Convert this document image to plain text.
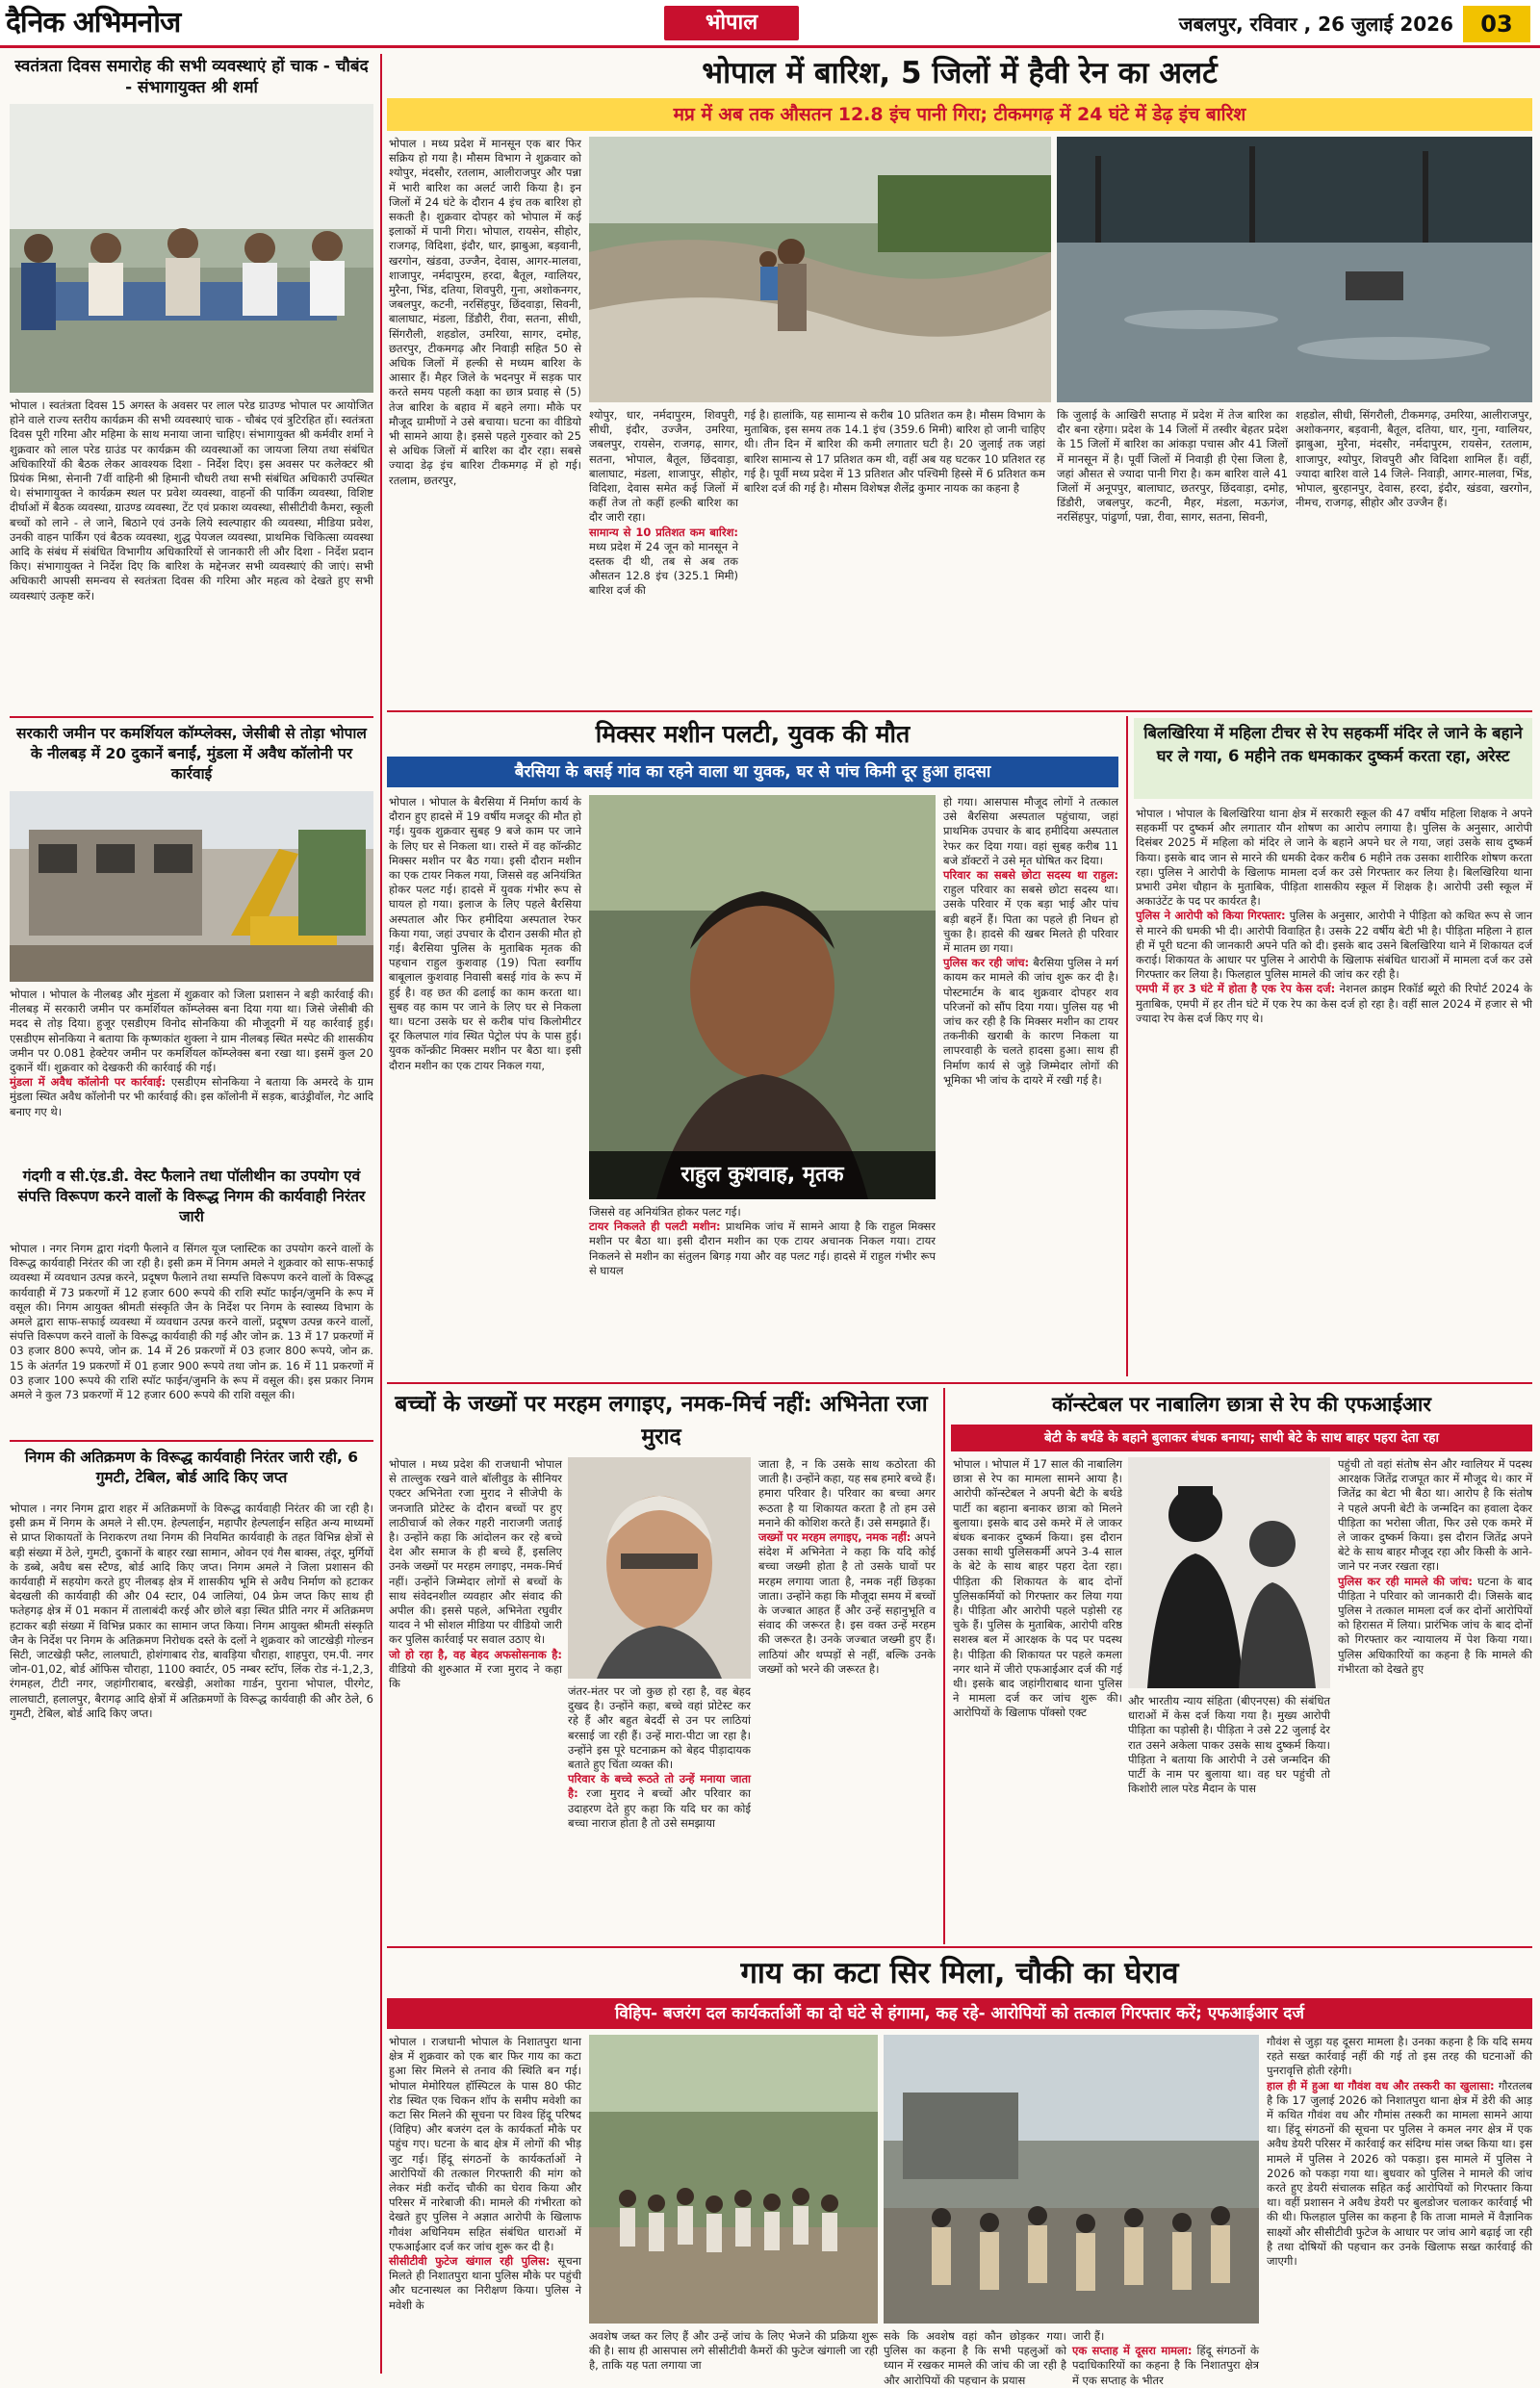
दैनिक अभिमनोज	भोपाल	जबलपुर, रविवार , 26 जुलाई 2026	03
स्वतंत्रता दिवस समारोह की सभी व्यवस्थाएं हों चाक - चौबंद - संभागायुक्त श्री शर्मा
भोपाल । स्वतंत्रता दिवस 15 अगस्त के अवसर पर लाल परेड ग्राउण्ड भोपाल पर आयोजित होने वाले राज्य स्तरीय कार्यक्रम की सभी व्यवस्थाएं चाक - चौबंद एवं त्रुटिरहित हों। स्वतंत्रता दिवस पूरी गरिमा और महिमा के साथ मनाया जाना चाहिए। संभागायुक्त श्री कर्मवीर शर्मा ने शुक्रवार को लाल परेड ग्राउंड पर कार्यक्रम की व्यवस्थाओं का जायजा लिया तथा संबंधित अधिकारियों की बैठक लेकर आवश्यक दिशा - निर्देश दिए। इस अवसर पर कलेक्टर श्री प्रियंक मिश्रा, सेनानी 7वीं वाहिनी श्री हिमानी चौधरी तथा सभी संबंधित अधिकारी उपस्थित थे। संभागायुक्त ने कार्यक्रम स्थल पर प्रवेश व्यवस्था, वाहनों की पार्किंग व्यवस्था, विशिष्ट दीर्घाओं में बैठक व्यवस्था, ग्राउण्ड व्यवस्था, टेंट एवं प्रकाश व्यवस्था, सीसीटीवी कैमरा, स्कूली बच्चों को लाने - ले जाने, बिठाने एवं उनके लिये स्वल्पाहार की व्यवस्था, मीडिया प्रवेश, उनकी वाहन पार्किंग एवं बैठक व्यवस्था, शुद्ध पेयजल व्यवस्था, प्राथमिक चिकित्सा व्यवस्था आदि के संबंध में संबंधित विभागीय अधिकारियों से जानकारी ली और दिशा - निर्देश प्रदान किए। संभागायुक्त ने निर्देश दिए कि बारिश के मद्देनजर सभी व्यवस्थाएं की जाएं। सभी अधिकारी आपसी समन्वय से स्वतंत्रता दिवस की गरिमा और महत्व को देखते हुए सभी व्यवस्थाएं उत्कृष्ट करें।
सरकारी जमीन पर कमर्शियल कॉम्प्लेक्स, जेसीबी से तोड़ा भोपाल के नीलबड़ में 20 दुकानें बनाईं, मुंडला में अवैध कॉलोनी पर कार्रवाई
भोपाल । भोपाल के नीलबड़ और मुंडला में शुक्रवार को जिला प्रशासन ने बड़ी कार्रवाई की। नीलबड़ में सरकारी जमीन पर कमर्शियल कॉम्प्लेक्स बना दिया गया था। जिसे जेसीबी की मदद से तोड़ दिया। हुजूर एसडीएम विनोद सोनकिया की मौजूदगी में यह कार्रवाई हुई। एसडीएम सोनकिया ने बताया कि कृष्णकांत शुक्ला ने ग्राम नीलबड़ स्थित मस्पेट की शासकीय जमीन पर 0.081 हेक्टेयर जमीन पर कमर्शियल कॉम्प्लेक्स बना रखा था। इसमें कुल 20 दुकानें थीं। शुक्रवार को देखकरी की कार्रवाई की गई।
मुंडला में अवैध कॉलोनी पर कार्रवाई: एसडीएम सोनकिया ने बताया कि अमरदे के ग्राम मुंडला स्थित अवैध कॉलोनी पर भी कार्रवाई की। इस कॉलोनी में सड़क, बाउंड्रीवॉल, गेट आदि बनाए गए थे।
गंदगी व सी.एंड.डी. वेस्ट फैलाने तथा पॉलीथीन का उपयोग एवं संपत्ति विरूपण करने वालों के विरूद्ध निगम की कार्यवाही निरंतर जारी
भोपाल । नगर निगम द्वारा गंदगी फैलाने व सिंगल यूज प्लास्टिक का उपयोग करने वालों के विरूद्ध कार्यवाही निरंतर की जा रही है। इसी क्रम में निगम अमले ने शुक्रवार को साफ-सफाई व्यवस्था में व्यवधान उत्पन्न करने, प्रदूषण फैलाने तथा सम्पत्ति विरूपण करने वालों के विरूद्ध कार्यवाही में 73 प्रकरणों में 12 हजार 600 रूपये की राशि स्पॉट फाईन/जुमनि के रूप में वसूल की। निगम आयुक्त श्रीमती संस्कृति जैन के निर्देश पर निगम के स्वास्थ्य विभाग के अमले द्वारा साफ-सफाई व्यवस्था में व्यवधान उत्पन्न करने वालों, प्रदूषण उत्पन्न करने वालों, संपत्ति विरूपण करने वालों के विरूद्ध कार्यवाही की गई और जोन क्र. 13 में 17 प्रकरणों में 03 हजार 800 रूपये, जोन क्र. 14 में 26 प्रकरणों में 03 हजार 800 रूपये, जोन क्र. 15 के अंतर्गत 19 प्रकरणों में 01 हजार 900 रूपये तथा जोन क्र. 16 में 11 प्रकरणों में 03 हजार 100 रूपये की राशि स्पॉट फाईन/जुमनि के रूप में वसूल की। इस प्रकार निगम अमले ने कुल 73 प्रकरणों में 12 हजार 600 रूपये की राशि वसूल की।
निगम की अतिक्रमण के विरूद्ध कार्यवाही निरंतर जारी रही, 6 गुमटी, टेबिल, बोर्ड आदि किए जप्त
भोपाल । नगर निगम द्वारा शहर में अतिक्रमणों के विरूद्ध कार्यवाही निरंतर की जा रही है। इसी क्रम में निगम के अमले ने सी.एम. हेल्पलाईन, महापौर हेल्पलाईन सहित अन्य माध्यमों से प्राप्त शिकायतों के निराकरण तथा निगम की नियमित कार्यवाही के तहत विभिन्न क्षेत्रों से बड़ी संख्या में ठेले, गुमटी, दुकानों के बाहर रखा सामान, ओवन एवं गैस बाक्स, तंदूर, मुर्गियों के डब्बे, अवैध बस स्टैण्ड, बोर्ड आदि किए जप्त। निगम अमले ने जिला प्रशासन की कार्यवाही में सहयोग करते हुए नीलबड़ क्षेत्र में शासकीय भूमि से अवैध निर्माण को हटाकर बेदखली की कार्यवाही की और 04 स्टार, 04 जालियां, 04 फ्रेम जप्त किए साथ ही फतेहगढ़ क्षेत्र में 01 मकान में तालाबंदी करई और छोले बड़ा स्थित प्रीति नगर में अतिक्रमण हटाकर बड़ी संख्या में विभिन्न प्रकार का सामान जप्त किया। निगम आयुक्त श्रीमती संस्कृति जैन के निर्देश पर निगम के अतिक्रमण निरोधक दस्ते के दलों ने शुक्रवार को जाटखेड़ी गोल्डन सिटी, जाटखेड़ी फ्लैट, लालघाटी, होशंगाबाद रोड, बावड़िया चौराहा, शाहपुरा, एम.पी. नगर जोन-01,02, बोर्ड ऑफिस चौराहा, 1100 क्वार्टर, 05 नम्बर स्टॉप, लिंक रोड नं-1,2,3, रंगमहल, टीटी नगर, जहांगीराबाद, बरखेड़ी, अशोका गार्डन, पुराना भोपाल, पीरगेट, लालघाटी, हलालपुर, बैरागढ़ आदि क्षेत्रों में अतिक्रमणों के विरूद्ध कार्यवाही की और ठेले, 6 गुमटी, टेबिल, बोर्ड आदि किए जप्त।
भोपाल में बारिश, 5 जिलों में हैवी रेन का अलर्ट
मप्र में अब तक औसतन 12.8 इंच पानी गिरा; टीकमगढ़ में 24 घंटे में डेढ़ इंच बारिश
भोपाल । मध्य प्रदेश में मानसून एक बार फिर सक्रिय हो गया है। मौसम विभाग ने शुक्रवार को श्योपुर, मंदसौर, रतलाम, आलीराजपुर और पन्ना में भारी बारिश का अलर्ट जारी किया है। इन जिलों में 24 घंटे के दौरान 4 इंच तक बारिश हो सकती है। शुक्रवार दोपहर को भोपाल में कई इलाकों में पानी गिरा। भोपाल, रायसेन, सीहोर, राजगढ़, विदिशा, इंदौर, धार, झाबुआ, बड़वानी, खरगोन, खंडवा, उज्जैन, देवास, आगर-मालवा, शाजापुर, नर्मदापुरम, हरदा, बैतूल, ग्वालियर, मुरैना, भिंड, दतिया, शिवपुरी, गुना, अशोकनगर, जबलपुर, कटनी, नरसिंहपुर, छिंदवाड़ा, सिवनी, बालाघाट, मंडला, डिंडौरी, रीवा, सतना, सीधी, सिंगरौली, शहडोल, उमरिया, सागर, दमोह, छतरपुर, टीकमगढ़ और निवाड़ी सहित 50 से अधिक जिलों में हल्की से मध्यम बारिश के आसार हैं। मैहर जिले के भदनपुर में सड़क पार करते समय पहली कक्षा का छात्र प्रवाह से (5) तेज बारिश के बहाव में बहने लगा। मौके पर मौजूद ग्रामीणों ने उसे बचाया। घटना का वीडियो भी सामने आया है। इससे पहले गुरुवार को 25 से अधिक जिलों में बारिश का दौर रहा। सबसे ज्यादा डेढ़ इंच बारिश टीकमगढ़ में हो गई। रतलाम, छतरपुर,
श्योपुर, धार, नर्मदापुरम, शिवपुरी, सीधी, इंदौर, उज्जैन, उमरिया, जबलपुर, रायसेन, राजगढ़, सागर, सतना, भोपाल, बैतूल, छिंदवाड़ा, बालाघाट, मंडला, शाजापुर, सीहोर, विदिशा, देवास समेत कई जिलों में कहीं तेज तो कहीं हल्की बारिश का दौर जारी रहा।
सामान्य से 10 प्रतिशत कम बारिश: मध्य प्रदेश में 24 जून को मानसून ने दस्तक दी थी, तब से अब तक औसतन 12.8 इंच (325.1 मिमी) बारिश दर्ज की
गई है। हालांकि, यह सामान्य से करीब 10 प्रतिशत कम है। मौसम विभाग के मुताबिक, इस समय तक 14.1 इंच (359.6 मिमी) बारिश हो जानी चाहिए थी। तीन दिन में बारिश की कमी लगातार घटी है। 20 जुलाई तक जहां बारिश सामान्य से 17 प्रतिशत कम थी, वहीं अब यह घटकर 10 प्रतिशत रह गई है। पूर्वी मध्य प्रदेश में 13 प्रतिशत और पश्चिमी हिस्से में 6 प्रतिशत कम बारिश दर्ज की गई है। मौसम विशेषज्ञ शैलेंद्र कुमार नायक का कहना है
कि जुलाई के आखिरी सप्ताह में प्रदेश में तेज बारिश का दौर बना रहेगा। प्रदेश के 14 जिलों में तस्वीर बेहतर प्रदेश के 15 जिलों में बारिश का आंकड़ा पचास और 41 जिलों में मानसून में है। पूर्वी जिलों में निवाड़ी ही ऐसा जिला है, जहां औसत से ज्यादा पानी गिरा है। कम बारिश वाले 41 जिलों में अनूपपुर, बालाघाट, छतरपुर, छिंदवाड़ा, दमोह, डिंडौरी, जबलपुर, कटनी, मैहर, मंडला, मऊगंज, नरसिंहपुर, पांढुर्णा, पन्ना, रीवा, सागर, सतना, सिवनी,
शहडोल, सीधी, सिंगरौली, टीकमगढ़, उमरिया, आलीराजपुर, अशोकनगर, बड़वानी, बैतूल, दतिया, धार, गुना, ग्वालियर, झाबुआ, मुरैना, मंदसौर, नर्मदापुरम, रायसेन, रतलाम, शाजापुर, श्योपुर, शिवपुरी और विदिशा शामिल हैं। वहीं, ज्यादा बारिश वाले 14 जिले- निवाड़ी, आगर-मालवा, भिंड, भोपाल, बुरहानपुर, देवास, हरदा, इंदौर, खंडवा, खरगोन, नीमच, राजगढ़, सीहोर और उज्जैन हैं।
मिक्सर मशीन पलटी, युवक की मौत
बैरसिया के बसई गांव का रहने वाला था युवक, घर से पांच किमी दूर हुआ हादसा
भोपाल । भोपाल के बैरसिया में निर्माण कार्य के दौरान हुए हादसे में 19 वर्षीय मजदूर की मौत हो गई। युवक शुक्रवार सुबह 9 बजे काम पर जाने के लिए घर से निकला था। रास्ते में वह कॉन्क्रीट मिक्सर मशीन पर बैठ गया। इसी दौरान मशीन का एक टायर निकल गया, जिससे वह अनियंत्रित होकर पलट गई। हादसे में युवक गंभीर रूप से घायल हो गया। इलाज के लिए पहले बैरसिया अस्पताल और फिर हमीदिया अस्पताल रेफर किया गया, जहां उपचार के दौरान उसकी मौत हो गई। बैरसिया पुलिस के मुताबिक मृतक की पहचान राहुल कुशवाह (19) पिता स्वर्गीय बाबूलाल कुशवाह निवासी बसई गांव के रूप में हुई है। वह छत की ढलाई का काम करता था। सुबह वह काम पर जाने के लिए घर से निकला था। घटना उसके घर से करीब पांच किलोमीटर दूर किलपाल गांव स्थित पेट्रोल पंप के पास हुई। युवक कॉन्क्रीट मिक्सर मशीन पर बैठा था। इसी दौरान मशीन का एक टायर निकल गया,
राहुल कुशवाह, मृतक
जिससे वह अनियंत्रित होकर पलट गई।
टायर निकलते ही पलटी मशीन: प्राथमिक जांच में सामने आया है कि राहुल मिक्सर मशीन पर बैठा था। इसी दौरान मशीन का एक टायर अचानक निकल गया। टायर निकलने से मशीन का संतुलन बिगड़ गया और वह पलट गई। हादसे में राहुल गंभीर रूप से घायल
हो गया। आसपास मौजूद लोगों ने तत्काल उसे बैरसिया अस्पताल पहुंचाया, जहां प्राथमिक उपचार के बाद हमीदिया अस्पताल रेफर कर दिया गया। वहां सुबह करीब 11 बजे डॉक्टरों ने उसे मृत घोषित कर दिया।
परिवार का सबसे छोटा सदस्य था राहुल: राहुल परिवार का सबसे छोटा सदस्य था। उसके परिवार में एक बड़ा भाई और पांच बड़ी बहनें हैं। पिता का पहले ही निधन हो चुका है। हादसे की खबर मिलते ही परिवार में मातम छा गया।
पुलिस कर रही जांच: बैरसिया पुलिस ने मर्ग कायम कर मामले की जांच शुरू कर दी है। पोस्टमार्टम के बाद शुक्रवार दोपहर शव परिजनों को सौंप दिया गया। पुलिस यह भी जांच कर रही है कि मिक्सर मशीन का टायर तकनीकी खराबी के कारण निकला या लापरवाही के चलते हादसा हुआ। साथ ही निर्माण कार्य से जुड़े जिम्मेदार लोगों की भूमिका भी जांच के दायरे में रखी गई है।
बिलखिरिया में महिला टीचर से रेप सहकर्मी मंदिर ले जाने के बहाने घर ले गया, 6 महीने तक धमकाकर दुष्कर्म करता रहा, अरेस्ट
भोपाल । भोपाल के बिलखिरिया थाना क्षेत्र में सरकारी स्कूल की 47 वर्षीय महिला शिक्षक ने अपने सहकर्मी पर दुष्कर्म और लगातार यौन शोषण का आरोप लगाया है। पुलिस के अनुसार, आरोपी दिसंबर 2025 में महिला को मंदिर ले जाने के बहाने अपने घर ले गया, जहां उसके साथ दुष्कर्म किया। इसके बाद जान से मारने की धमकी देकर करीब 6 महीने तक उसका शारीरिक शोषण करता रहा। पुलिस ने आरोपी के खिलाफ मामला दर्ज कर उसे गिरफ्तार कर लिया है। बिलखिरिया थाना प्रभारी उमेश चौहान के मुताबिक, पीड़िता शासकीय स्कूल में शिक्षक है। आरोपी उसी स्कूल में अकाउंटेंट के पद पर कार्यरत है।
पुलिस ने आरोपी को किया गिरफ्तार: पुलिस के अनुसार, आरोपी ने पीड़िता को कथित रूप से जान से मारने की धमकी भी दी। आरोपी विवाहित है। उसके 22 वर्षीय बेटी भी है। पीड़िता महिला ने हाल ही में पूरी घटना की जानकारी अपने पति को दी। इसके बाद उसने बिलखिरिया थाने में शिकायत दर्ज कराई। शिकायत के आधार पर पुलिस ने आरोपी के खिलाफ संबंधित धाराओं में मामला दर्ज कर उसे गिरफ्तार कर लिया है। फिलहाल पुलिस मामले की जांच कर रही है।
एमपी में हर 3 घंटे में होता है एक रेप केस दर्ज: नेशनल क्राइम रिकॉर्ड ब्यूरो की रिपोर्ट 2024 के मुताबिक, एमपी में हर तीन घंटे में एक रेप का केस दर्ज हो रहा है। वहीं साल 2024 में हजार से भी ज्यादा रेप केस दर्ज किए गए थे।
बच्चों के जख्मों पर मरहम लगाइए, नमक-मिर्च नहीं: अभिनेता रजा मुराद
भोपाल । मध्य प्रदेश की राजधानी भोपाल से ताल्लुक रखने वाले बॉलीवुड के सीनियर एक्टर अभिनेता रजा मुराद ने सीजेपी के जनजाति प्रोटेस्ट के दौरान बच्चों पर हुए लाठीचार्ज को लेकर गहरी नाराजगी जताई है। उन्होंने कहा कि आंदोलन कर रहे बच्चे देश और समाज के ही बच्चे हैं, इसलिए उनके जख्मों पर मरहम लगाइए, नमक-मिर्च नहीं। उन्होंने जिम्मेदार लोगों से बच्चों के साथ संवेदनशील व्यवहार और संवाद की अपील की। इससे पहले, अभिनेता रघुवीर यादव ने भी सोशल मीडिया पर वीडियो जारी कर पुलिस कार्रवाई पर सवाल उठाए थे।
जो हो रहा है, वह बेहद अफसोसनाक है: वीडियो की शुरुआत में रजा मुराद ने कहा कि
जंतर-मंतर पर जो कुछ हो रहा है, वह बेहद दुखद है। उन्होंने कहा, बच्चे वहां प्रोटेस्ट कर रहे हैं और बहुत बेदर्दी से उन पर लाठियां बरसाई जा रही हैं। उन्हें मारा-पीटा जा रहा है। उन्होंने इस पूरे घटनाक्रम को बेहद पीड़ादायक बताते हुए चिंता व्यक्त की।
परिवार के बच्चे रूठते तो उन्हें मनाया जाता है: रजा मुराद ने बच्चों और परिवार का उदाहरण देते हुए कहा कि यदि घर का कोई बच्चा नाराज होता है तो उसे समझाया
जाता है, न कि उसके साथ कठोरता की जाती है। उन्होंने कहा, यह सब हमारे बच्चे हैं। हमारा परिवार है। परिवार का बच्चा अगर रूठता है या शिकायत करता है तो हम उसे मनाने की कोशिश करते हैं। उसे समझाते हैं।
जख्मों पर मरहम लगाइए, नमक नहीं: अपने संदेश में अभिनेता ने कहा कि यदि कोई बच्चा जख्मी होता है तो उसके घावों पर मरहम लगाया जाता है, नमक नहीं छिड़का जाता। उन्होंने कहा कि मौजूदा समय में बच्चों के जज्बात आहत हैं और उन्हें सहानुभूति व संवाद की जरूरत है। इस वक्त उन्हें मरहम की जरूरत है। उनके जज्बात जख्मी हुए हैं। लाठियां और थप्पड़ों से नहीं, बल्कि उनके जख्मों को भरने की जरूरत है।
कॉन्स्टेबल पर नाबालिग छात्रा से रेप की एफआईआर
बेटी के बर्थडे के बहाने बुलाकर बंधक बनाया; साथी बेटे के साथ बाहर पहरा देता रहा
भोपाल । भोपाल में 17 साल की नाबालिग छात्रा से रेप का मामला सामने आया है। आरोपी कॉन्स्टेबल ने अपनी बेटी के बर्थडे पार्टी का बहाना बनाकर छात्रा को मिलने बुलाया। इसके बाद उसे कमरे में ले जाकर बंधक बनाकर दुष्कर्म किया। इस दौरान उसका साथी पुलिसकर्मी अपने 3-4 साल के बेटे के साथ बाहर पहरा देता रहा। पीड़िता की शिकायत के बाद दोनों पुलिसकर्मियों को गिरफ्तार कर लिया गया है। पीड़िता और आरोपी पहले पड़ोसी रह चुके हैं। पुलिस के मुताबिक, आरोपी वरिष्ठ सशस्त्र बल में आरक्षक के पद पर पदस्थ है। पीड़िता की शिकायत पर पहले कमला नगर थाने में जीरो एफआईआर दर्ज की गई थी। इसके बाद जहांगीराबाद थाना पुलिस ने मामला दर्ज कर जांच शुरू की। आरोपियों के खिलाफ पॉक्सो एक्ट
और भारतीय न्याय संहिता (बीएनएस) की संबंधित धाराओं में केस दर्ज किया गया है। मुख्य आरोपी पीड़िता का पड़ोसी है। पीड़िता ने उसे 22 जुलाई देर रात उसने अकेला पाकर उसके साथ दुष्कर्म किया। पीड़िता ने बताया कि आरोपी ने उसे जन्मदिन की पार्टी के नाम पर बुलाया था। वह घर पहुंची तो किशोरी लाल परेड मैदान के पास
पहुंची तो वहां संतोष सेन और ग्वालियर में पदस्थ आरक्षक जितेंद्र राजपूत कार में मौजूद थे। कार में जितेंद्र का बेटा भी बैठा था। आरोप है कि संतोष ने पहले अपनी बेटी के जन्मदिन का हवाला देकर पीड़िता का भरोसा जीता, फिर उसे एक कमरे में ले जाकर दुष्कर्म किया। इस दौरान जितेंद्र अपने बेटे के साथ बाहर मौजूद रहा और किसी के आने-जाने पर नजर रखता रहा।
पुलिस कर रही मामले की जांच: घटना के बाद पीड़िता ने परिवार को जानकारी दी। जिसके बाद पुलिस ने तत्काल मामला दर्ज कर दोनों आरोपियों को हिरासत में लिया। प्रारंभिक जांच के बाद दोनों को गिरफ्तार कर न्यायालय में पेश किया गया। पुलिस अधिकारियों का कहना है कि मामले की गंभीरता को देखते हुए
गाय का कटा सिर मिला, चौकी का घेराव
विहिप- बजरंग दल कार्यकर्ताओं का दो घंटे से हंगामा, कह रहे- आरोपियों को तत्काल गिरफ्तार करें; एफआईआर दर्ज
भोपाल । राजधानी भोपाल के निशातपुरा थाना क्षेत्र में शुक्रवार को एक बार फिर गाय का कटा हुआ सिर मिलने से तनाव की स्थिति बन गई। भोपाल मेमोरियल हॉस्पिटल के पास 80 फीट रोड स्थित एक चिकन शॉप के समीप मवेशी का कटा सिर मिलने की सूचना पर विश्व हिंदू परिषद (विहिप) और बजरंग दल के कार्यकर्ता मौके पर पहुंच गए। घटना के बाद क्षेत्र में लोगों की भीड़ जुट गई। हिंदू संगठनों के कार्यकर्ताओं ने आरोपियों की तत्काल गिरफ्तारी की मांग को लेकर मंडी करोंद चौकी का घेराव किया और परिसर में नारेबाजी की। मामले की गंभीरता को देखते हुए पुलिस ने अज्ञात आरोपी के खिलाफ गौवंश अधिनियम सहित संबंधित धाराओं में एफआईआर दर्ज कर जांच शुरू कर दी है।
सीसीटीवी फुटेज खंगाल रही पुलिस: सूचना मिलते ही निशातपुरा थाना पुलिस मौके पर पहुंची और घटनास्थल का निरीक्षण किया। पुलिस ने मवेशी के
अवशेष जब्त कर लिए हैं और उन्हें जांच के लिए भेजने की प्रक्रिया शुरू की है। साथ ही आसपास लगे सीसीटीवी कैमरों की फुटेज खंगाली जा रही है, ताकि यह पता लगाया जा
सके कि अवशेष वहां कौन छोड़कर गया। पुलिस का कहना है कि सभी पहलुओं को ध्यान में रखकर मामले की जांच की जा रही है और आरोपियों की पहचान के प्रयास
जारी हैं।
एक सप्ताह में दूसरा मामला: हिंदू संगठनों के पदाधिकारियों का कहना है कि निशातपुरा क्षेत्र में एक सप्ताह के भीतर
गौवंश से जुड़ा यह दूसरा मामला है। उनका कहना है कि यदि समय रहते सख्त कार्रवाई नहीं की गई तो इस तरह की घटनाओं की पुनरावृत्ति होती रहेगी।
हाल ही में हुआ था गौवंश वध और तस्करी का खुलासा: गौरतलब है कि 17 जुलाई 2026 को निशातपुरा थाना क्षेत्र में डेरी की आड़ में कथित गौवंश वध और गौमांस तस्करी का मामला सामने आया था। हिंदू संगठनों की सूचना पर पुलिस ने कमल नगर क्षेत्र में एक अवैध डेयरी परिसर में कार्रवाई कर संदिग्ध मांस जब्त किया था। इस मामले में पुलिस ने 2026 को पकड़ा। इस मामले में पुलिस ने 2026 को पकड़ा गया था। बुधवार को पुलिस ने मामले की जांच करते हुए डेयरी संचालक सहित कई आरोपियों को गिरफ्तार किया था। वहीं प्रशासन ने अवैध डेयरी पर बुलडोजर चलाकर कार्रवाई भी की थी। फिलहाल पुलिस का कहना है कि ताजा मामले में वैज्ञानिक साक्ष्यों और सीसीटीवी फुटेज के आधार पर जांच आगे बढ़ाई जा रही है तथा दोषियों की पहचान कर उनके खिलाफ सख्त कार्रवाई की जाएगी।
